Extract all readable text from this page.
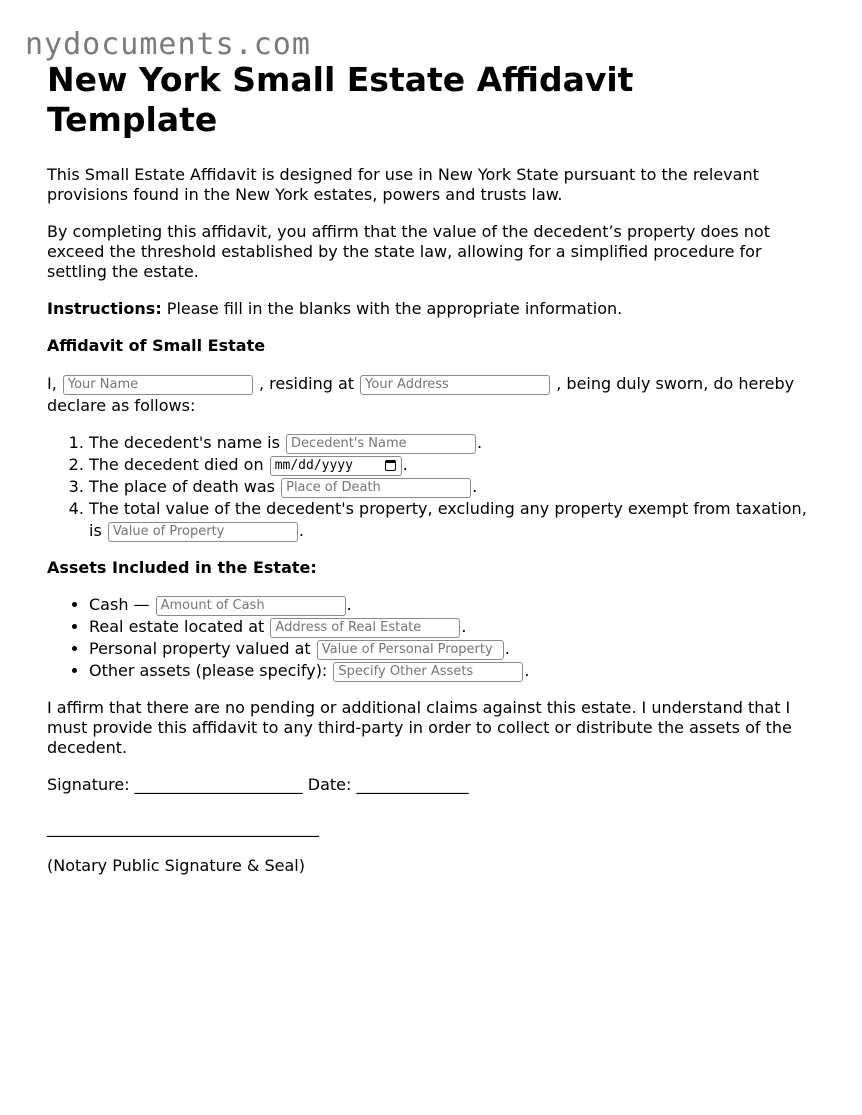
nydocuments.com
New York Small Estate Affidavit Template

This Small Estate Affidavit is designed for use in New York State pursuant to the relevant provisions found in the New York estates, powers and trusts law.

By completing this affidavit, you affirm that the value of the decedent’s property does not exceed the threshold established by the state law, allowing for a simplified procedure for settling the estate.

Instructions: Please fill in the blanks with the appropriate information.

Affidavit of Small Estate

I, Your Name	, residing at Your Address	, being duly sworn, do hereby declare as follows:

1. The decedent's name is Decedent's Name	.
2. The decedent died on mm/dd/yyyy	.
3. The place of death was Place of Death	.
4. The total value of the decedent's property, excluding any property exempt from taxation, is Value of Property	.
Assets Included in the Estate:
• Cash — Amount of Cash	.
• Real estate located at Address of Real Estate	.
• Personal property valued at Value of Personal Property	.
• Other assets (please specify): Specify Other Assets	.

I affirm that there are no pending or additional claims against this estate. I understand that I must provide this affidavit to any third-party in order to collect or distribute the assets of the decedent.

Signature: _____________________ Date: ______________

__________________________________

(Notary Public Signature & Seal)
